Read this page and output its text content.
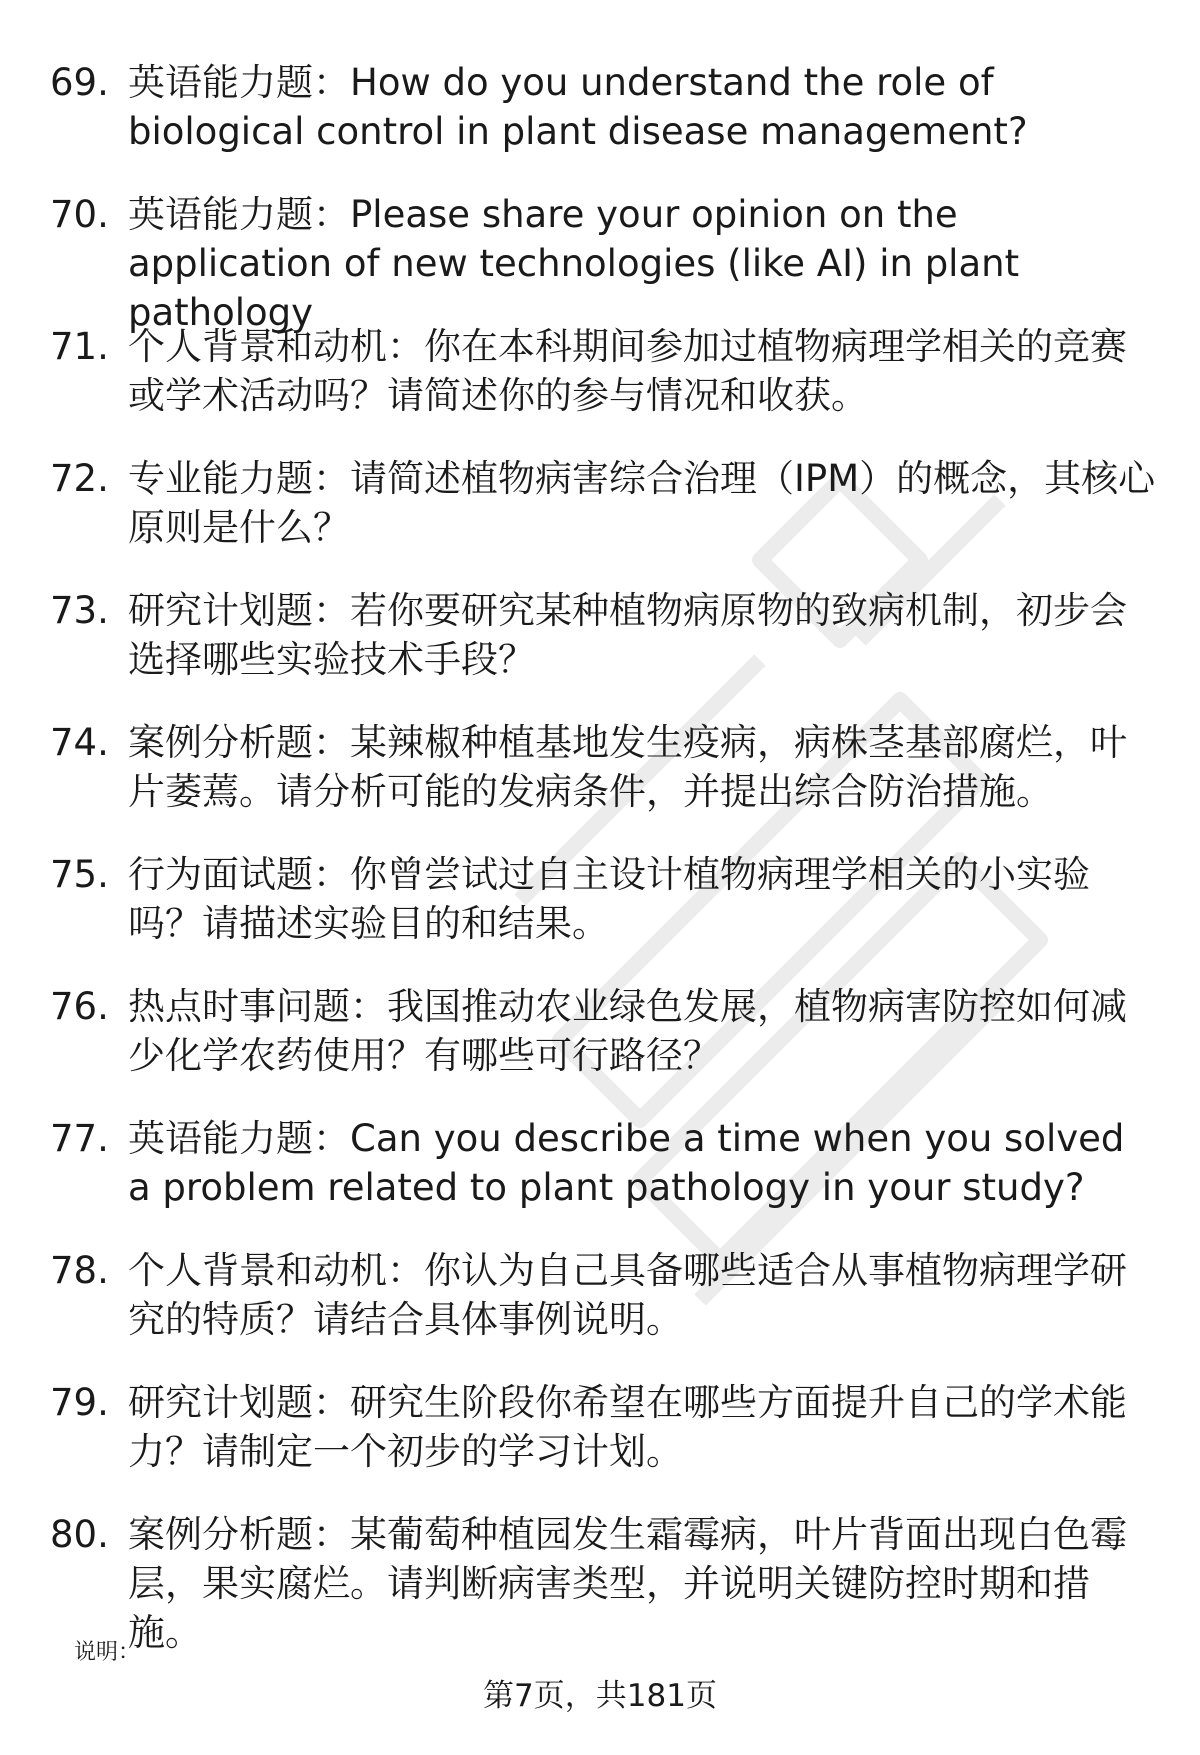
69. 英语能力题：How do you understand the role of biological control in plant disease management?
70. 英语能力题：Please share your opinion on the application of new technologies (like AI) in plant pathology
71. 个人背景和动机：你在本科期间参加过植物病理学相关的竞赛或学术活动吗？请简述你的参与情况和收获。
72. 专业能力题：请简述植物病害综合治理（IPM）的概念，其核心原则是什么？
73. 研究计划题：若你要研究某种植物病原物的致病机制，初步会选择哪些实验技术手段？
74. 案例分析题：某辣椒种植基地发生疫病，病株茎基部腐烂，叶片萎蔫。请分析可能的发病条件，并提出综合防治措施。
75. 行为面试题：你曾尝试过自主设计植物病理学相关的小实验吗？请描述实验目的和结果。
76. 热点时事问题：我国推动农业绿色发展，植物病害防控如何减少化学农药使用？有哪些可行路径？
77. 英语能力题：Can you describe a time when you solved a problem related to plant pathology in your study?
78. 个人背景和动机：你认为自己具备哪些适合从事植物病理学研究的特质？请结合具体事例说明。
79. 研究计划题：研究生阶段你希望在哪些方面提升自己的学术能力？请制定一个初步的学习计划。
80. 案例分析题：某葡萄种植园发生霜霉病，叶片背面出现白色霉层，果实腐烂。请判断病害类型，并说明关键防控时期和措施。
说明：
第7页，共181页
